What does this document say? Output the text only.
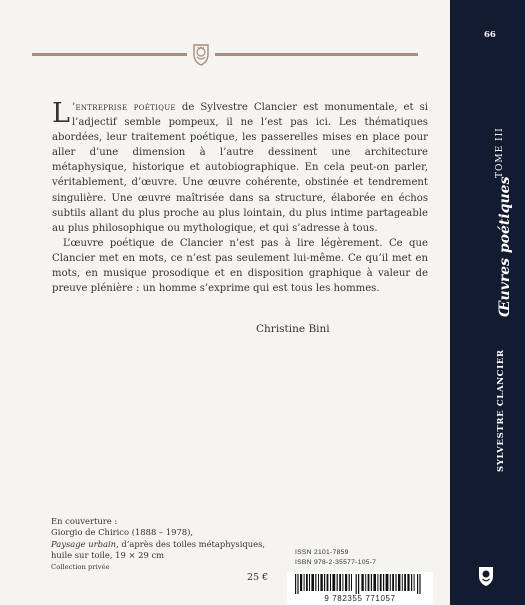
L ’entreprise poétique de Sylvestre Clancier est monumentale, et si l’adjectif semble pompeux, il ne l’est pas ici. Les thématiques abordées, leur traitement poétique, les passerelles mises en place pour aller d’une dimension à l’autre dessinent une architecture métaphysique, historique et autobiographique. En cela peut-on parler, véritablement, d’œuvre. Une œuvre cohérente, obstinée et tendrement singulière. Une œuvre maîtrisée dans sa structure, élaborée en échos subtils allant du plus proche au plus lointain, du plus intime partageable au plus philosophique ou mythologique, et qui s’adresse à tous.

L’œuvre poétique de Clancier n’est pas à lire légèrement. Ce que Clancier met en mots, ce n’est pas seulement lui-même. Ce qu’il met en mots, en musique prosodique et en disposition graphique à valeur de preuve plénière : un homme s’exprime qui est tous les hommes.

Christine Bini
En couverture :
Giorgio de Chirico (1888 – 1978),
Paysage urbain, d’après des toiles métaphysiques,
huile sur toile, 19 × 29 cm
Collection privée
ISSN 2101-7859
ISBN 978-2-35577-105-7
25 €
9 782355 771057
66
TOME III
Œuvres poétiques
SYLVESTRE CLANCIER
